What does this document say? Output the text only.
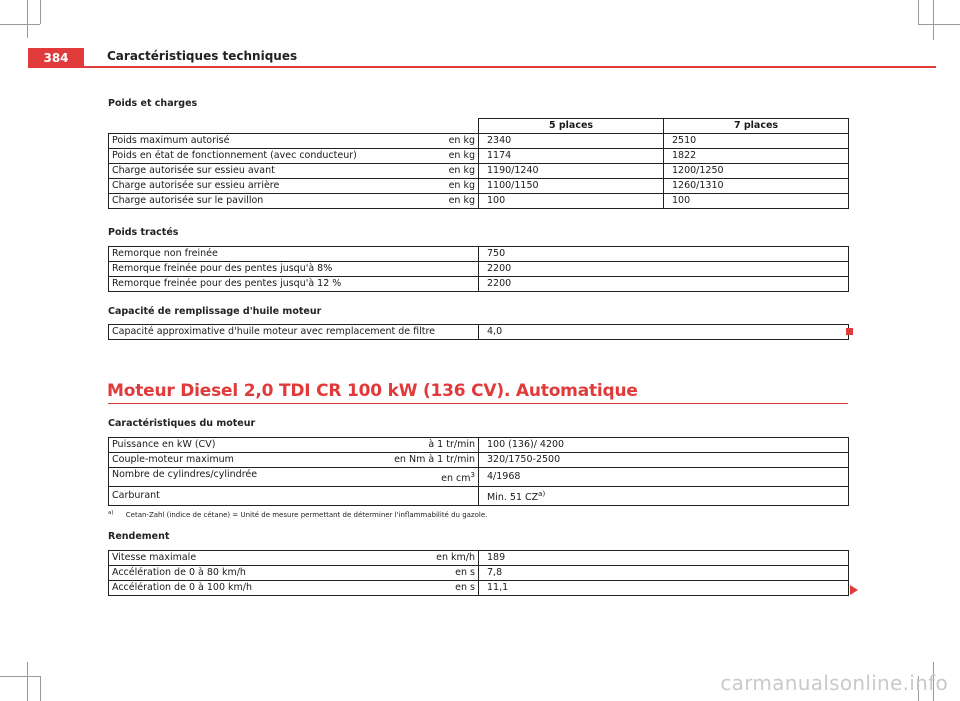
384	Caractéristiques techniques
Poids et charges
	5 places	7 places

Poids maximum autorisé en kg	2340	2510

Poids en état de fonctionnement (avec conducteur) en kg	1174	1822

Charge autorisée sur essieu avant en kg	1190/1240	1200/1250

Charge autorisée sur essieu arrière en kg	1100/1150	1260/1310

Charge autorisée sur le pavillon en kg	100	100
Poids tractés
Remorque non freinée	750
Remorque freinée pour des pentes jusqu'à 8%	2200
Remorque freinée pour des pentes jusqu'à 12 %	2200
Capacité de remplissage d'huile moteur
Capacité approximative d'huile moteur avec remplacement de filtre	4,0
Moteur Diesel 2,0 TDI CR 100 kW (136 CV). Automatique
Caractéristiques du moteur
Puissance en kW (CV) à 1 tr/min	100 (136)/ 4200

Couple-moteur maximum en Nm à 1 tr/min	320/1750-2500

Nombre de cylindres/cylindrée en $cm^3$	4/1968

Carburant	Min. 51 CZ$^{a)}$
$^{a)}$ Cetan-Zahl (indice de cétane) = Unité de mesure permettant de déterminer l'inflammabilité du gazole.
Rendement
Vitesse maximale en km/h	189

Accélération de 0 à 80 km/h en s	7,8

Accélération de 0 à 100 km/h en s	11,1
carmanualsonline.info
